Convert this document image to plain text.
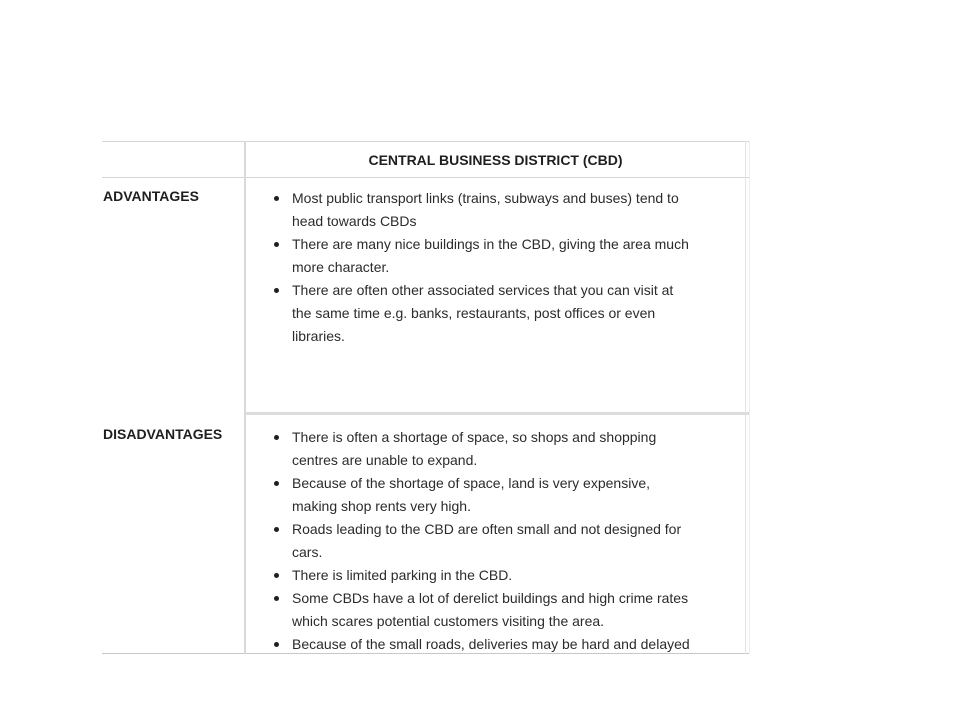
CENTRAL BUSINESS DISTRICT (CBD)
ADVANTAGES	Most public transport links (trains, subways and buses) tend to
head towards CBDs
There are many nice buildings in the CBD, giving the area much
more character.
There are often other associated services that you can visit at
the same time e.g. banks, restaurants, post offices or even
libraries.
DISADVANTAGES	There is often a shortage of space, so shops and shopping
centres are unable to expand.
Because of the shortage of space, land is very expensive,
making shop rents very high.
Roads leading to the CBD are often small and not designed for
cars.
There is limited parking in the CBD.
Some CBDs have a lot of derelict buildings and high crime rates
which scares potential customers visiting the area.
Because of the small roads, deliveries may be hard and delayed
